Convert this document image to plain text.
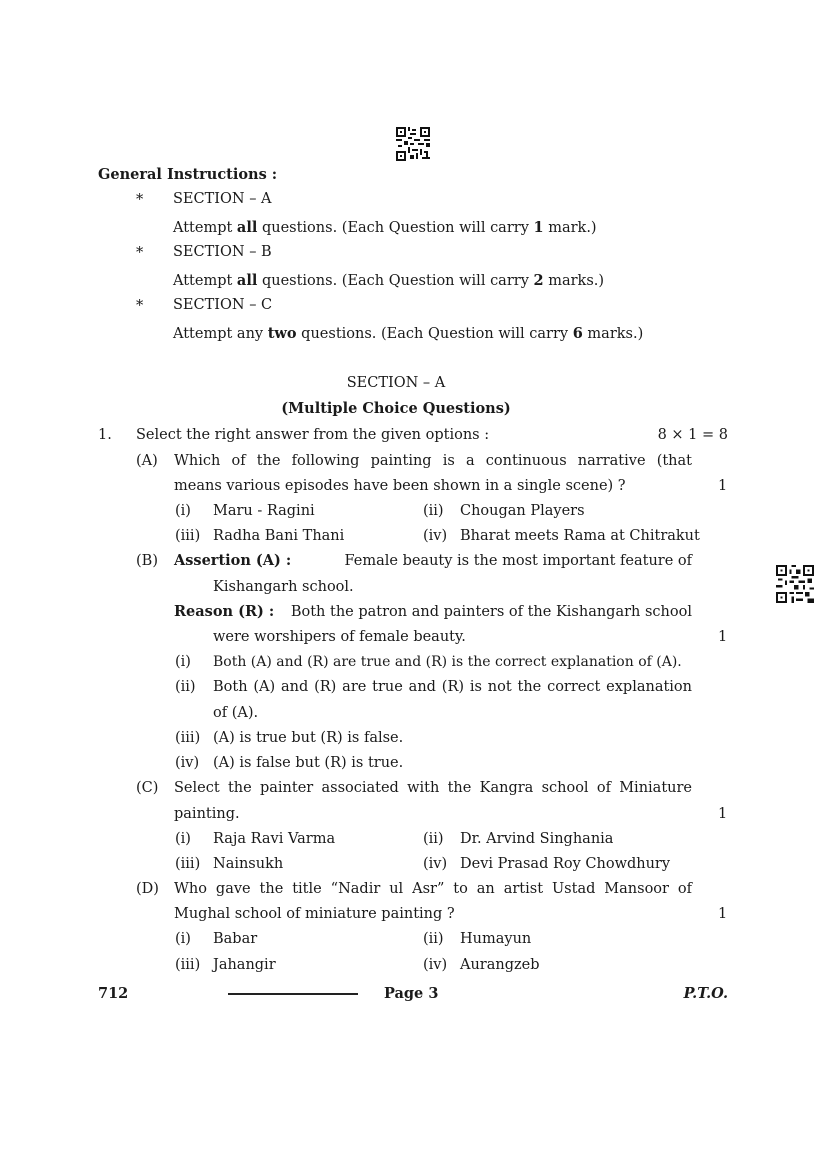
General Instructions :
* SECTION – A
Attempt all questions. (Each Question will carry 1 mark.)
* SECTION – B
Attempt all questions. (Each Question will carry 2 marks.)
* SECTION – C
Attempt any two questions. (Each Question will carry 6 marks.)
SECTION – A
(Multiple Choice Questions)
1. Select the right answer from the given options :	8 × 1 = 8
(A) Which of the following painting is a continuous narrative (that
means various episodes have been shown in a single scene) ?	1
(i) Maru - Ragini	(ii) Chougan Players
(iii) Radha Bani Thani	(iv) Bharat meets Rama at Chitrakut
(B) Assertion (A) :	Female beauty is the most important feature of
Kishangarh school.
Reason (R) : Both the patron and painters of the Kishangarh school
were worshipers of female beauty.	1
(i) Both (A) and (R) are true and (R) is the correct explanation of (A).
(ii) Both (A) and (R) are true and (R) is not the correct explanation
of (A).
(iii) (A) is true but (R) is false.
(iv) (A) is false but (R) is true.
(C) Select the painter associated with the Kangra school of Miniature
painting.	1
(i) Raja Ravi Varma	(ii) Dr. Arvind Singhania
(iii) Nainsukh	(iv) Devi Prasad Roy Chowdhury
(D) Who gave the title “Nadir ul Asr” to an artist Ustad Mansoor of
Mughal school of miniature painting ?	1
(i) Babar	(ii) Humayun
(iii) Jahangir	(iv) Aurangzeb
712	Page 3	P.T.O.
